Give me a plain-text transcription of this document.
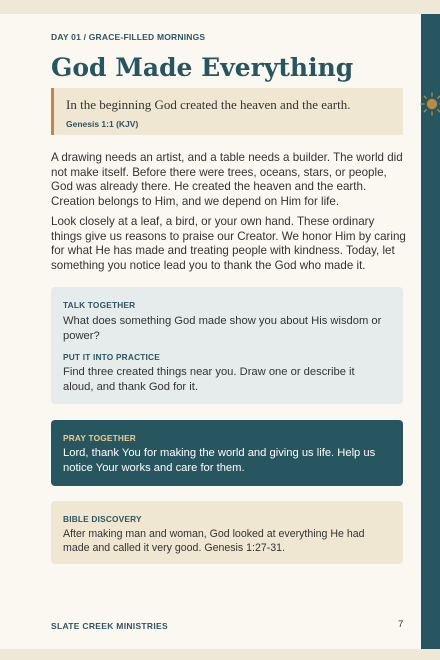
DAY 01 / GRACE-FILLED MORNINGS
God Made Everything
In the beginning God created the heaven and the earth.
Genesis 1:1 (KJV)

A drawing needs an artist, and a table needs a builder. The world did not make itself. Before there were trees, oceans, stars, or people, God was already there. He created the heaven and the earth. Creation belongs to Him, and we depend on Him for life.

Look closely at a leaf, a bird, or your own hand. These ordinary things give us reasons to praise our Creator. We honor Him by caring for what He has made and treating people with kindness. Today, let something you notice lead you to thank the God who made it.

TALK TOGETHER

What does something God made show you about His wisdom or power?

PUT IT INTO PRACTICE

Find three created things near you. Draw one or describe it aloud, and thank God for it.

PRAY TOGETHER

Lord, thank You for making the world and giving us life. Help us notice Your works and care for them.

BIBLE DISCOVERY

After making man and woman, God looked at everything He had made and called it very good. Genesis 1:27-31.

SLATE CREEK MINISTRIES	7
